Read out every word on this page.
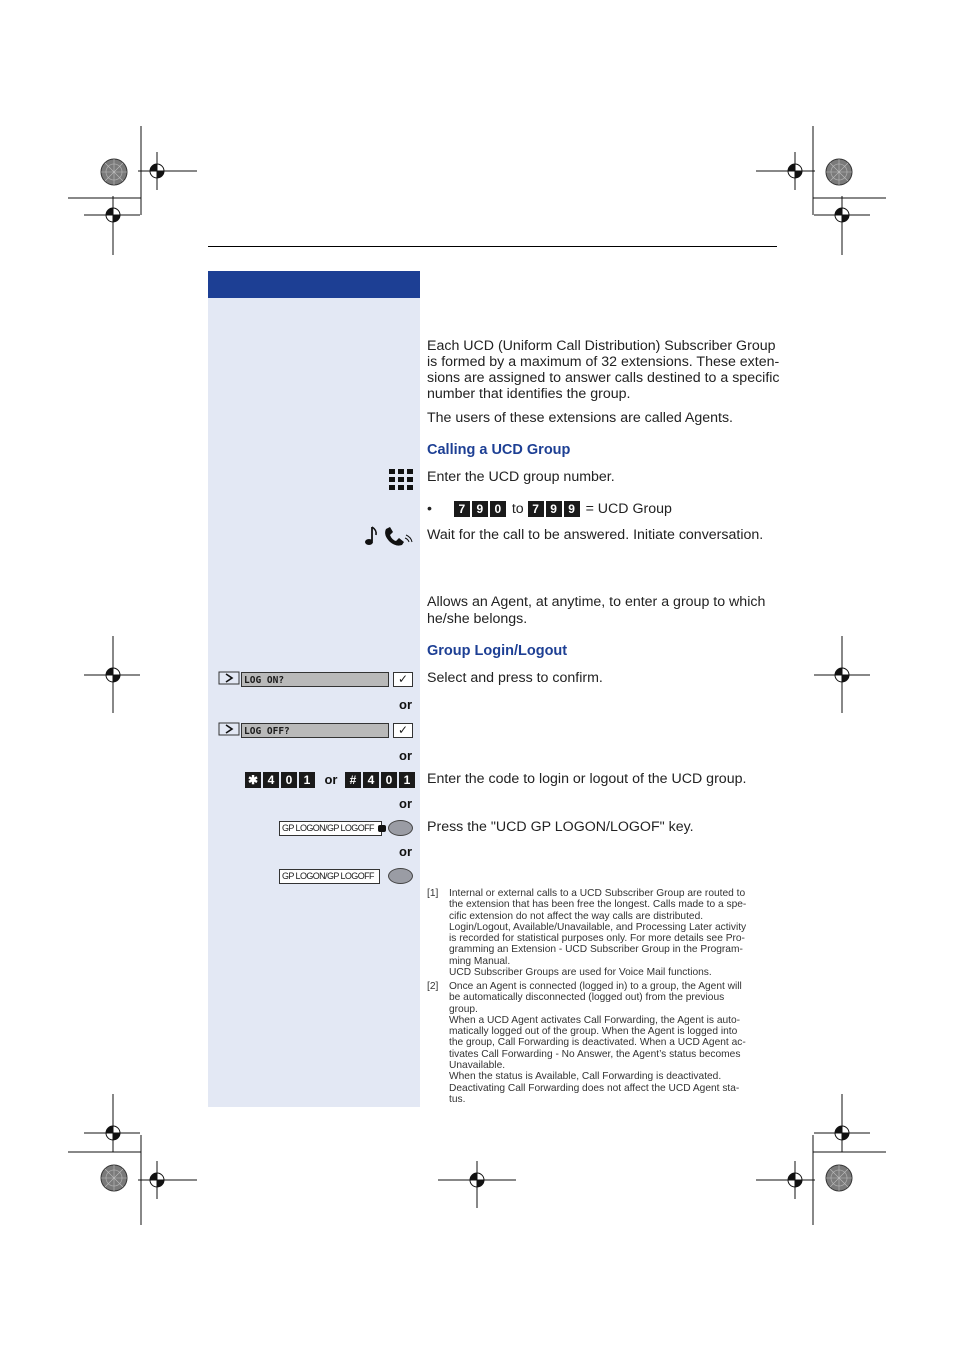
Each UCD (Uniform Call Distribution) Subscriber Group
is formed by a maximum of 32 extensions. These exten-
sions are assigned to answer calls destined to a specific
number that identifies the group.
The users of these extensions are called Agents.
Calling a UCD Group
Enter the UCD group number.
• 7 9 0 to 7 9 9 = UCD Group
Wait for the call to be answered. Initiate conversation.
Allows an Agent, at anytime, to enter a group to which
he/she belongs.
Group Login/Logout
LOG ON?	✓	Select and press to confirm.
or
LOG OFF?	✓
or
✱ 4 0 1 or # 4 0 1	Enter the code to login or logout of the UCD group.
or
GP LOGON/GP LOGOFF	Press the "UCD GP LOGON/LOGOF" key.
or
GP LOGON/GP LOGOFF
[1] Internal or external calls to a UCD Subscriber Group are routed to
the extension that has been free the longest. Calls made to a spe-
cific extension do not affect the way calls are distributed.
Login/Logout, Available/Unavailable, and Processing Later activity
is recorded for statistical purposes only. For more details see Pro-
gramming an Extension - UCD Subscriber Group in the Program-
ming Manual.
UCD Subscriber Groups are used for Voice Mail functions.
[2] Once an Agent is connected (logged in) to a group, the Agent will
be automatically disconnected (logged out) from the previous
group.
When a UCD Agent activates Call Forwarding, the Agent is auto-
matically logged out of the group. When the Agent is logged into
the group, Call Forwarding is deactivated. When a UCD Agent ac-
tivates Call Forwarding - No Answer, the Agent’s status becomes
Unavailable.
When the status is Available, Call Forwarding is deactivated.
Deactivating Call Forwarding does not affect the UCD Agent sta-
tus.
